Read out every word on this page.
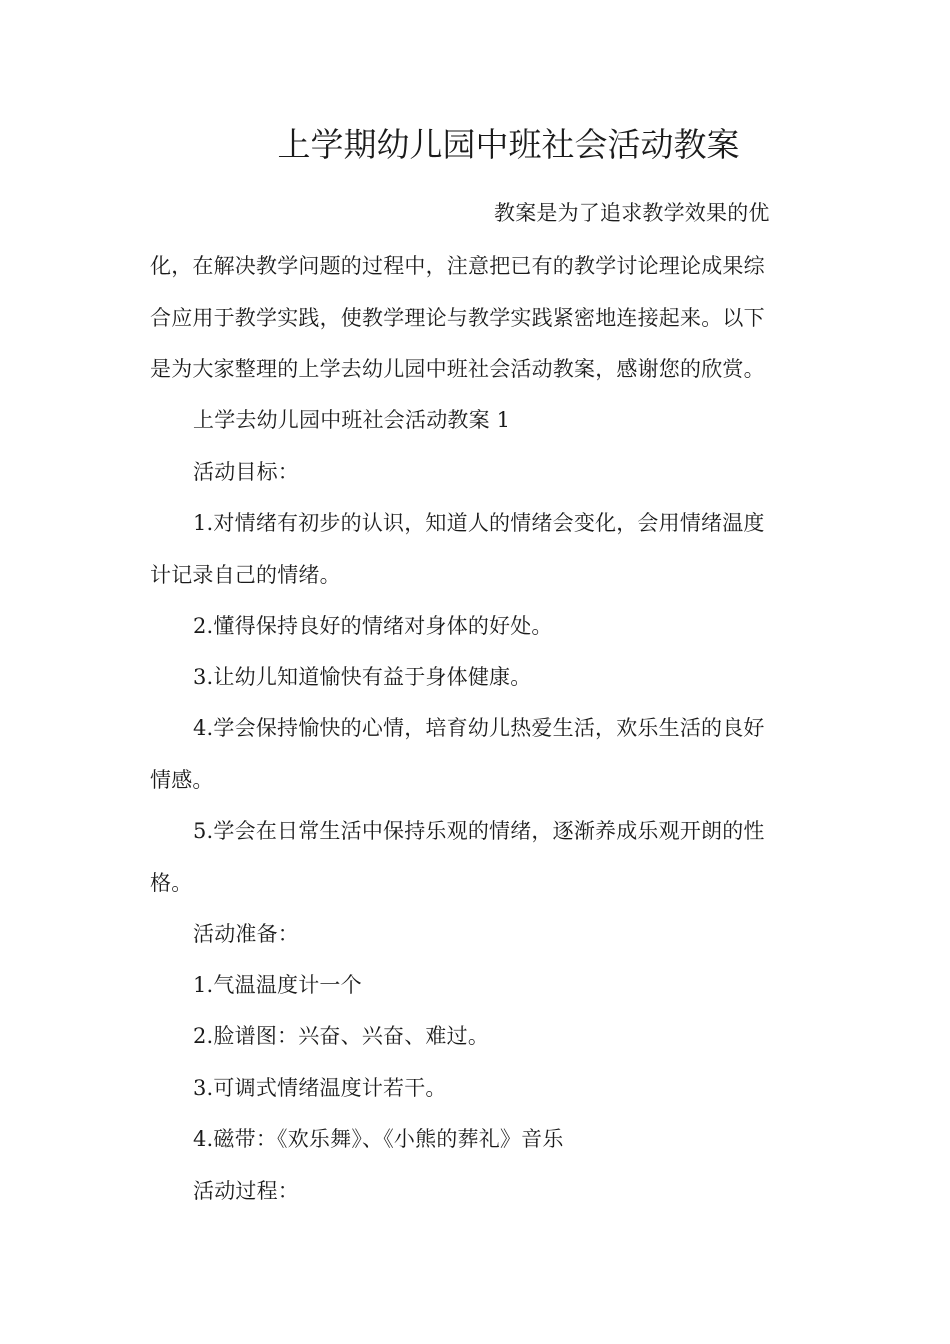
上学期幼儿园中班社会活动教案
教案是为了追求教学效果的优
化，在解决教学问题的过程中，注意把已有的教学讨论理论成果综
合应用于教学实践，使教学理论与教学实践紧密地连接起来。以下
是为大家整理的上学去幼儿园中班社会活动教案，感谢您的欣赏。
上学去幼儿园中班社会活动教案 1
活动目标：
1.对情绪有初步的认识，知道人的情绪会变化，会用情绪温度
计记录自己的情绪。
2.懂得保持良好的情绪对身体的好处。
3.让幼儿知道愉快有益于身体健康。
4.学会保持愉快的心情，培育幼儿热爱生活，欢乐生活的良好
情感。
5.学会在日常生活中保持乐观的情绪，逐渐养成乐观开朗的性
格。
活动准备：
1.气温温度计一个
2.脸谱图：兴奋、兴奋、难过。
3.可调式情绪温度计若干。
4.磁带：《欢乐舞》、《小熊的葬礼》音乐
活动过程：
